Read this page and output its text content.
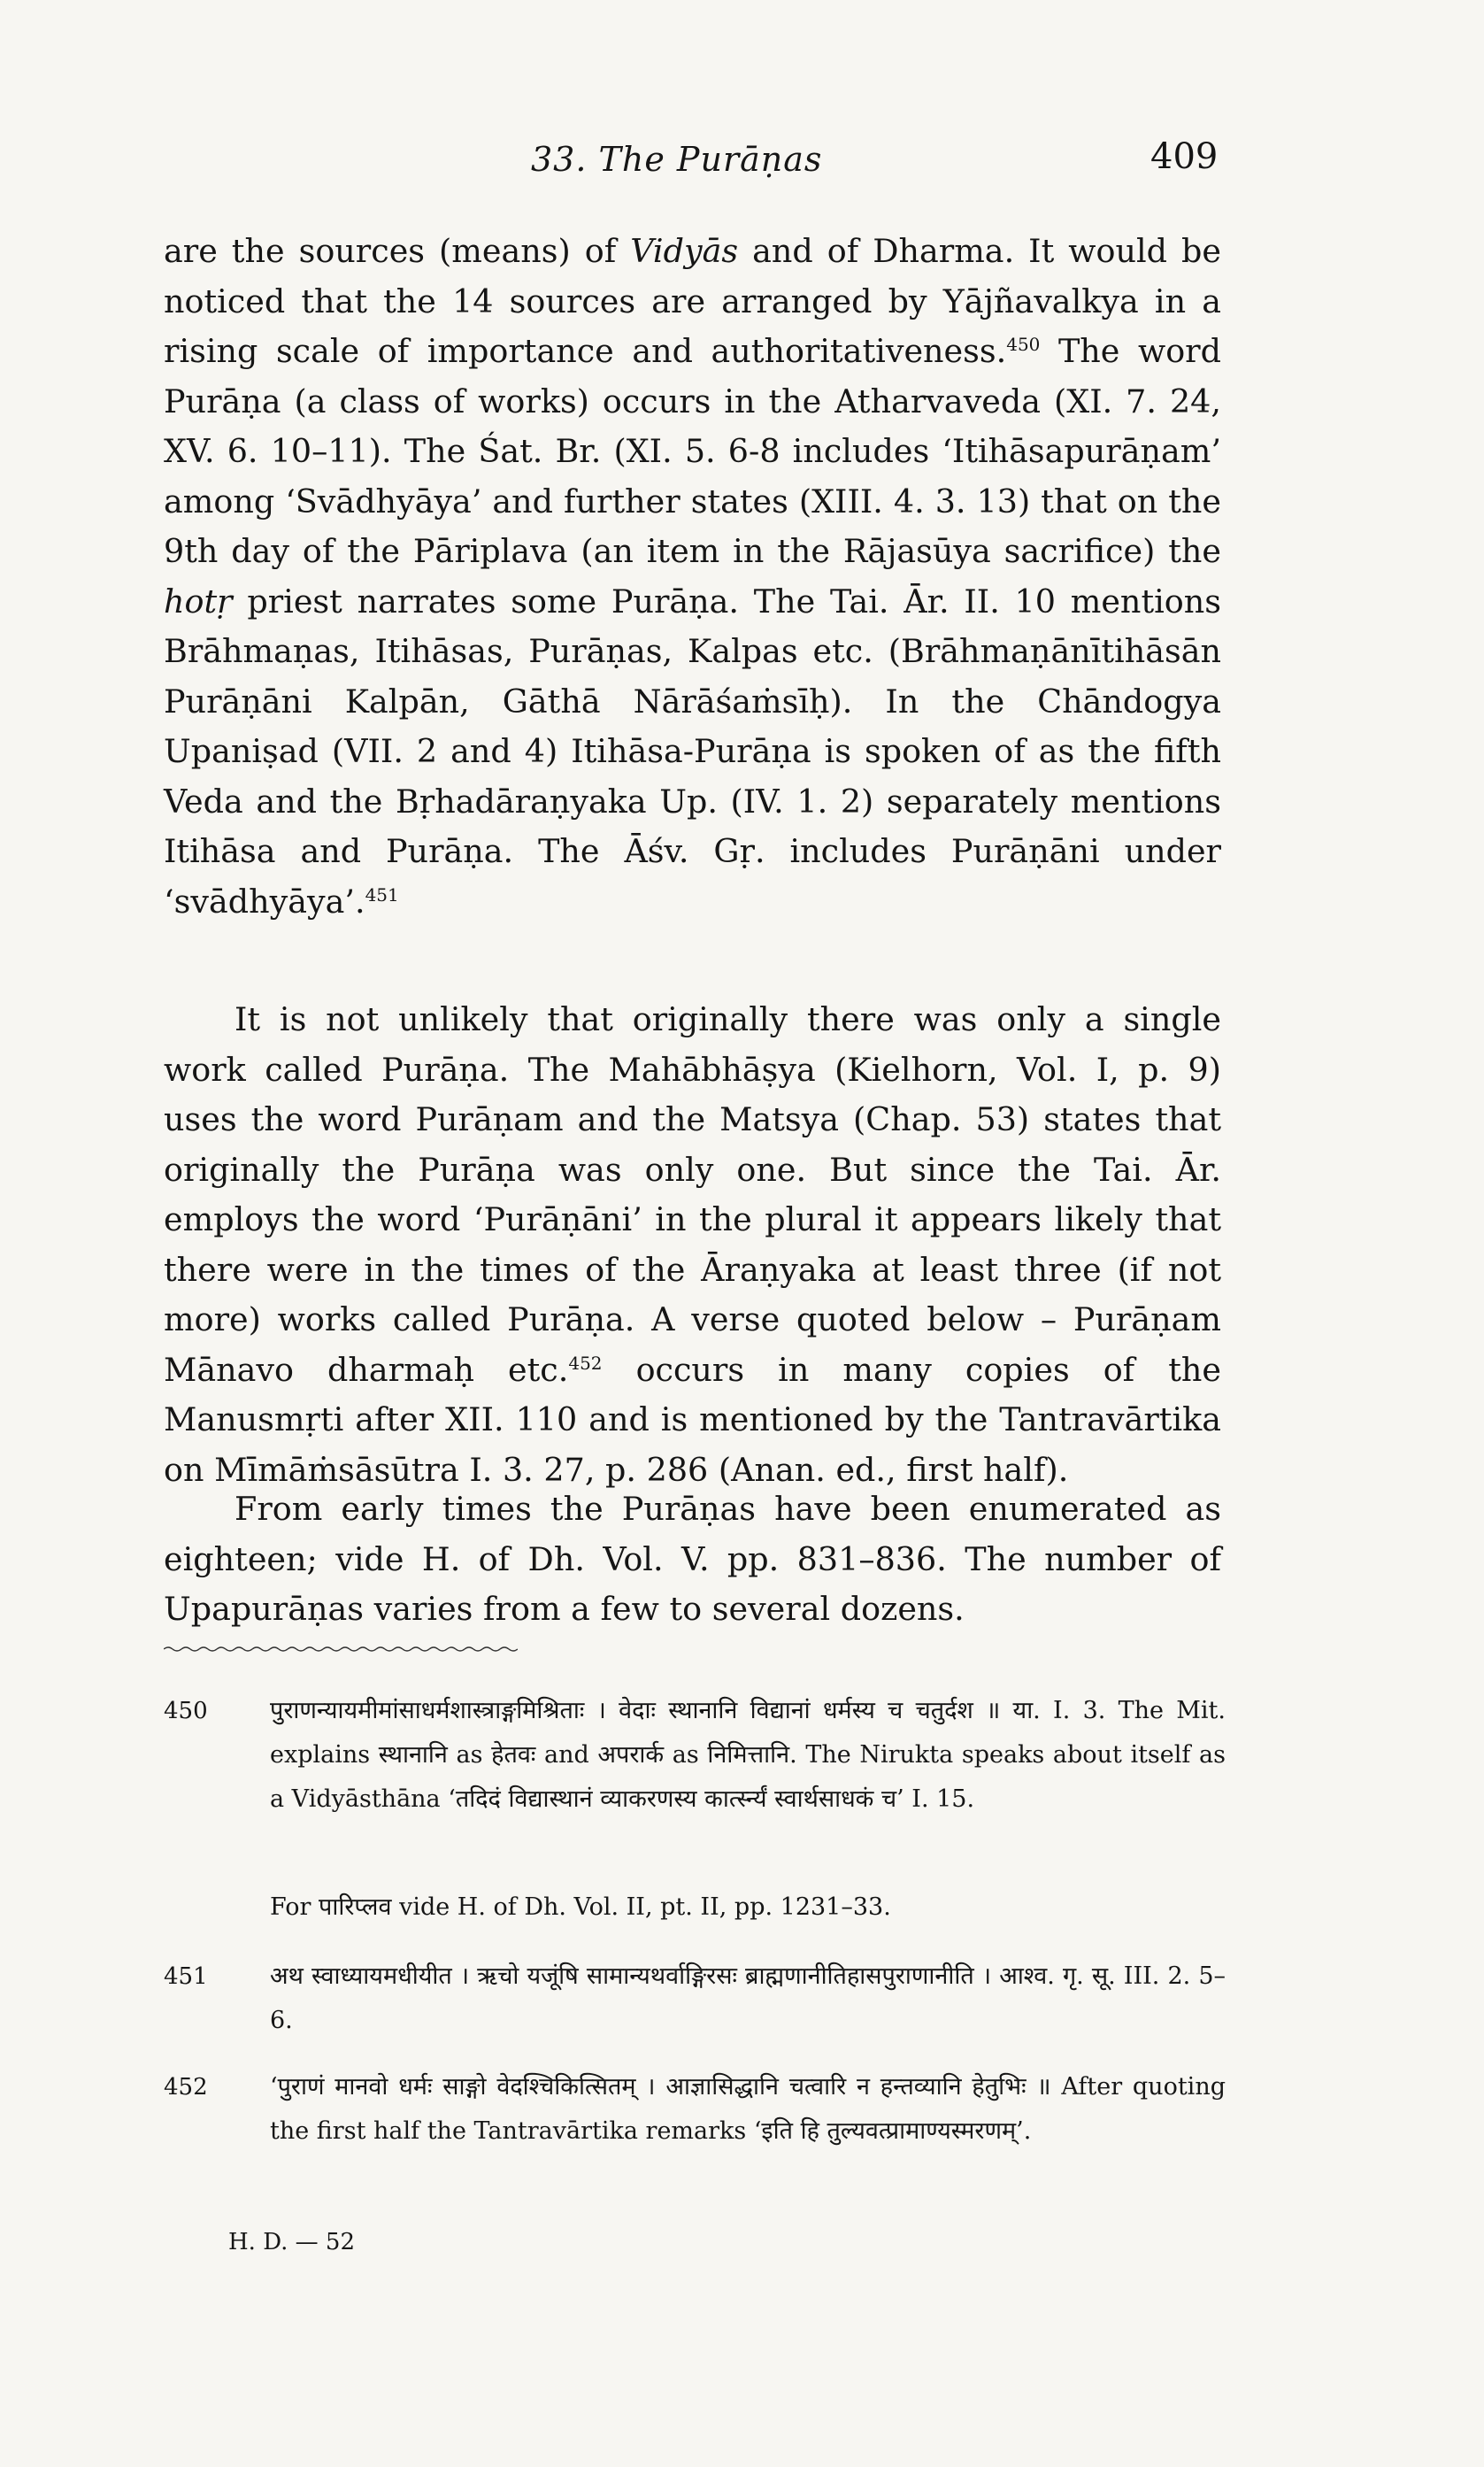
33. The Purāṇas	409
are the sources (means) of Vidyās and of Dharma. It would be noticed that the 14 sources are arranged by Yājñavalkya in a rising scale of importance and authoritativeness.$^{450}$ The word Purāṇa (a class of works) occurs in the Atharvaveda (XI. 7. 24, XV. 6. 10–11). The Śat. Br. (XI. 5. 6-8 includes ‘Itihāsapurāṇam’ among ‘Svādhyāya’ and further states (XIII. 4. 3. 13) that on the 9th day of the Pāriplava (an item in the Rājasūya sacrifice) the hotṛ priest narrates some Purāṇa. The Tai. Ār. II. 10 mentions Brāhmaṇas, Itihāsas, Purāṇas, Kalpas etc. (Brāhmaṇānītihāsān Purāṇāni Kalpān, Gāthā Nārāśaṁsīḥ). In the Chāndogya Upaniṣad (VII. 2 and 4) Itihāsa-Purāṇa is spoken of as the fifth Veda and the Bṛhadāraṇyaka Up. (IV. 1. 2) separately mentions Itihāsa and Purāṇa. The Āśv. Gṛ. includes Purāṇāni under ‘svādhyāya’.$^{451}$
It is not unlikely that originally there was only a single work called Purāṇa. The Mahābhāṣya (Kielhorn, Vol. I, p. 9) uses the word Purāṇam and the Matsya (Chap. 53) states that originally the Purāṇa was only one. But since the Tai. Ār. employs the word ‘Purāṇāni’ in the plural it appears likely that there were in the times of the Āraṇyaka at least three (if not more) works called Purāṇa. A verse quoted below – Purāṇam Mānavo dharmaḥ etc.$^{452}$ occurs in many copies of the Manusmṛti after XII. 110 and is mentioned by the Tantravārtika on Mīmāṁsāsūtra I. 3. 27, p. 286 (Anan. ed., first half).
From early times the Purāṇas have been enumerated as eighteen; vide H. of Dh. Vol. V. pp. 831–836. The number of Upapurāṇas varies from a few to several dozens.
450	पुराणन्यायमीमांसाधर्मशास्त्राङ्गमिश्रिताः । वेदाः स्थानानि विद्यानां धर्मस्य च चतुर्दश ॥ या. I. 3. The Mit. explains स्थानानि as हेतवः and अपरार्क as निमित्तानि. The Nirukta speaks about itself as a Vidyāsthāna ‘तदिदं विद्यास्थानं व्याकरणस्य कार्त्स्न्यं स्वार्थसाधकं च’ I. 15.
For पारिप्लव vide H. of Dh. Vol. II, pt. II, pp. 1231–33.
451	अथ स्वाध्यायमधीयीत । ऋचो यजूंषि सामान्यथर्वाङ्गिरसः ब्राह्मणानीतिहासपुराणानीति । आश्व. गृ. सू. III. 2. 5–6.
452	‘पुराणं मानवो धर्मः साङ्गो वेदश्चिकित्सितम् । आज्ञासिद्धानि चत्वारि न हन्तव्यानि हेतुभिः ॥ After quoting the first half the Tantravārtika remarks ‘इति हि तुल्यवत्प्रामाण्यस्मरणम्’.
H. D. — 52
